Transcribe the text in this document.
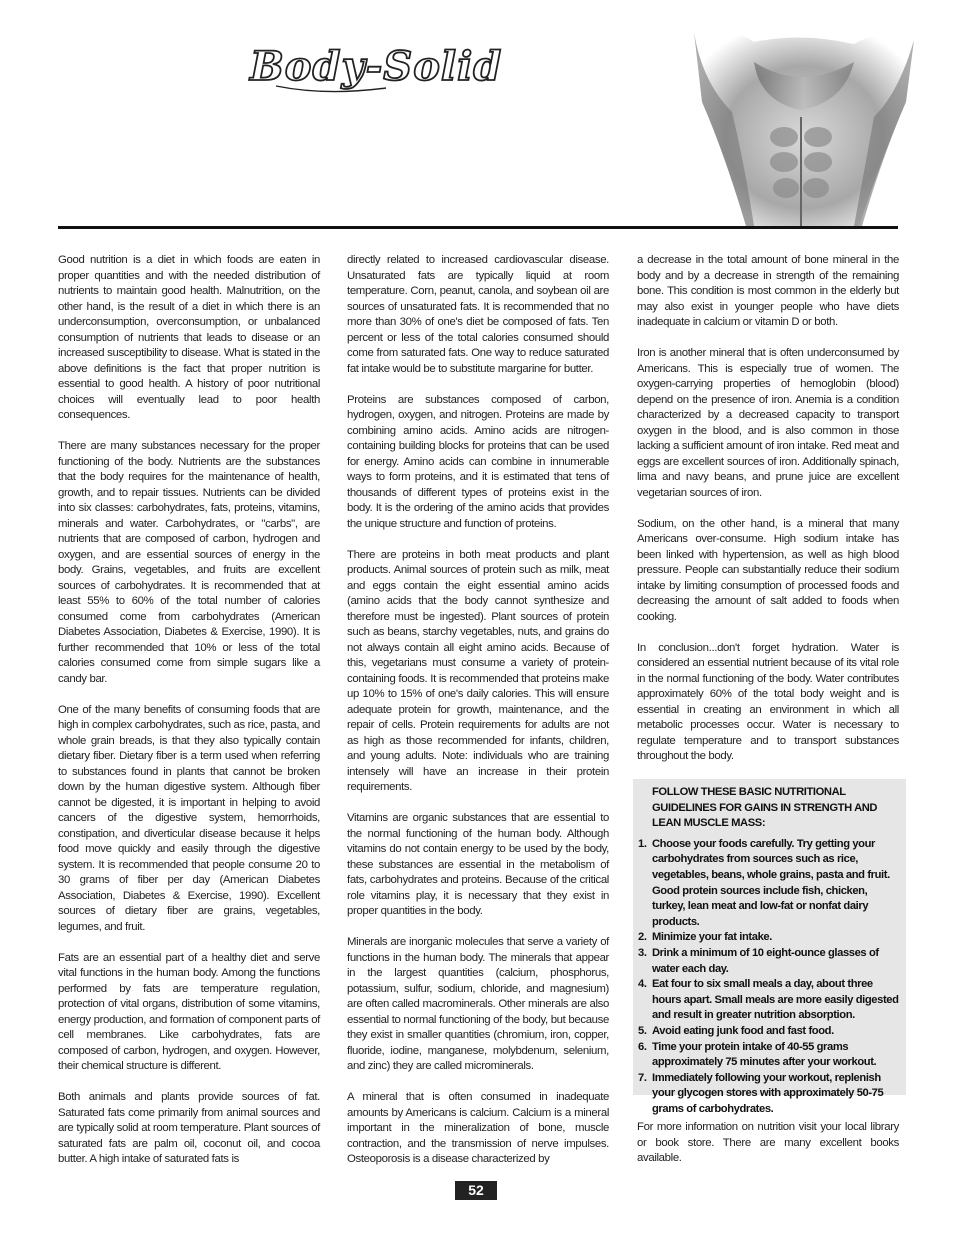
Body-Solid

Good nutrition is a diet in which foods are eaten in proper quantities and with the needed distribution of nutrients to maintain good health. Malnutrition, on the other hand, is the result of a diet in which there is an underconsumption, overconsumption, or unbalanced consumption of nutrients that leads to disease or an increased susceptibility to disease. What is stated in the above definitions is the fact that proper nutrition is essential to good health. A history of poor nutritional choices will eventually lead to poor health consequences.

There are many substances necessary for the proper functioning of the body. Nutrients are the substances that the body requires for the maintenance of health, growth, and to repair tissues. Nutrients can be divided into six classes: carbohydrates, fats, proteins, vitamins, minerals and water. Carbohydrates, or "carbs", are nutrients that are composed of carbon, hydrogen and oxygen, and are essential sources of energy in the body. Grains, vegetables, and fruits are excellent sources of carbohydrates. It is recommended that at least 55% to 60% of the total number of calories consumed come from carbohydrates (American Diabetes Association, Diabetes & Exercise, 1990). It is further recommended that 10% or less of the total calories consumed come from simple sugars like a candy bar.

One of the many benefits of consuming foods that are high in complex carbohydrates, such as rice, pasta, and whole grain breads, is that they also typically contain dietary fiber. Dietary fiber is a term used when referring to substances found in plants that cannot be broken down by the human digestive system. Although fiber cannot be digested, it is important in helping to avoid cancers of the digestive system, hemorrhoids, constipation, and diverticular disease because it helps food move quickly and easily through the digestive system. It is recommended that people consume 20 to 30 grams of fiber per day (American Diabetes Association, Diabetes & Exercise, 1990). Excellent sources of dietary fiber are grains, vegetables, legumes, and fruit.

Fats are an essential part of a healthy diet and serve vital functions in the human body. Among the functions performed by fats are temperature regulation, protection of vital organs, distribution of some vitamins, energy production, and formation of component parts of cell membranes. Like carbohydrates, fats are composed of carbon, hydrogen, and oxygen. However, their chemical structure is different.

Both animals and plants provide sources of fat. Saturated fats come primarily from animal sources and are typically solid at room temperature. Plant sources of saturated fats are palm oil, coconut oil, and cocoa butter. A high intake of saturated fats is

directly related to increased cardiovascular disease. Unsaturated fats are typically liquid at room temperature. Corn, peanut, canola, and soybean oil are sources of unsaturated fats. It is recommended that no more than 30% of one's diet be composed of fats. Ten percent or less of the total calories consumed should come from saturated fats. One way to reduce saturated fat intake would be to substitute margarine for butter.

Proteins are substances composed of carbon, hydrogen, oxygen, and nitrogen. Proteins are made by combining amino acids. Amino acids are nitrogen-containing building blocks for proteins that can be used for energy. Amino acids can combine in innumerable ways to form proteins, and it is estimated that tens of thousands of different types of proteins exist in the body. It is the ordering of the amino acids that provides the unique structure and function of proteins.

There are proteins in both meat products and plant products. Animal sources of protein such as milk, meat and eggs contain the eight essential amino acids (amino acids that the body cannot synthesize and therefore must be ingested). Plant sources of protein such as beans, starchy vegetables, nuts, and grains do not always contain all eight amino acids. Because of this, vegetarians must consume a variety of protein-containing foods. It is recommended that proteins make up 10% to 15% of one's daily calories. This will ensure adequate protein for growth, maintenance, and the repair of cells. Protein requirements for adults are not as high as those recommended for infants, children, and young adults. Note: individuals who are training intensely will have an increase in their protein requirements.

Vitamins are organic substances that are essential to the normal functioning of the human body. Although vitamins do not contain energy to be used by the body, these substances are essential in the metabolism of fats, carbohydrates and proteins. Because of the critical role vitamins play, it is necessary that they exist in proper quantities in the body.

Minerals are inorganic molecules that serve a variety of functions in the human body. The minerals that appear in the largest quantities (calcium, phosphorus, potassium, sulfur, sodium, chloride, and magnesium) are often called macrominerals. Other minerals are also essential to normal functioning of the body, but because they exist in smaller quantities (chromium, iron, copper, fluoride, iodine, manganese, molybdenum, selenium, and zinc) they are called microminerals.

A mineral that is often consumed in inadequate amounts by Americans is calcium. Calcium is a mineral important in the mineralization of bone, muscle contraction, and the transmission of nerve impulses. Osteoporosis is a disease characterized by

a decrease in the total amount of bone mineral in the body and by a decrease in strength of the remaining bone. This condition is most common in the elderly but may also exist in younger people who have diets inadequate in calcium or vitamin D or both.

Iron is another mineral that is often underconsumed by Americans. This is especially true of women. The oxygen-carrying properties of hemoglobin (blood) depend on the presence of iron. Anemia is a condition characterized by a decreased capacity to transport oxygen in the blood, and is also common in those lacking a sufficient amount of iron intake. Red meat and eggs are excellent sources of iron. Additionally spinach, lima and navy beans, and prune juice are excellent vegetarian sources of iron.

Sodium, on the other hand, is a mineral that many Americans over-consume. High sodium intake has been linked with hypertension, as well as high blood pressure. People can substantially reduce their sodium intake by limiting consumption of processed foods and decreasing the amount of salt added to foods when cooking.

In conclusion...don't forget hydration. Water is considered an essential nutrient because of its vital role in the normal functioning of the body. Water contributes approximately 60% of the total body weight and is essential in creating an environment in which all metabolic processes occur. Water is necessary to regulate temperature and to transport substances throughout the body.

FOLLOW THESE BASIC NUTRITIONAL GUIDELINES FOR GAINS IN STRENGTH AND LEAN MUSCLE MASS:
1. Choose your foods carefully. Try getting your carbohydrates from sources such as rice, vegetables, beans, whole grains, pasta and fruit. Good protein sources include fish, chicken, turkey, lean meat and low-fat or nonfat dairy products.
2. Minimize your fat intake.
3. Drink a minimum of 10 eight-ounce glasses of water each day.
4. Eat four to six small meals a day, about three hours apart. Small meals are more easily digested and result in greater nutrition absorption.
5. Avoid eating junk food and fast food.
6. Time your protein intake of 40-55 grams approximately 75 minutes after your workout.
7. Immediately following your workout, replenish your glycogen stores with approximately 50-75 grams of carbohydrates.
For more information on nutrition visit your local library or book store. There are many excellent books available.
52
